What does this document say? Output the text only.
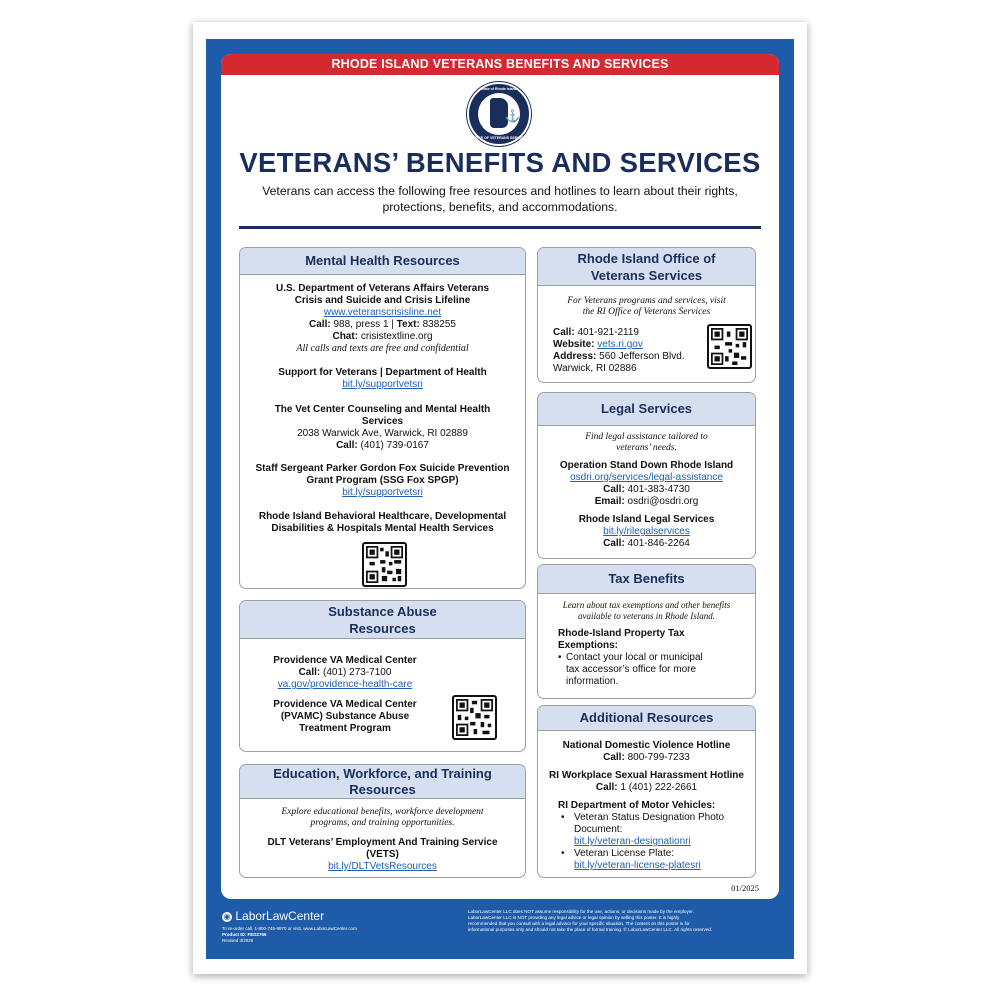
RHODE ISLAND VETERANS BENEFITS AND SERVICES
State of Rhode Island
⚓
OFFICE OF VETERANS SERVICES
VETERANS’ BENEFITS AND SERVICES
Veterans can access the following free resources and hotlines to learn about their rights,
protections, benefits, and accommodations.
Mental Health Resources
U.S. Department of Veterans Affairs Veterans
Crisis and Suicide and Crisis Lifeline
www.veteranscrisisline.net
Call: 988, press 1 | Text: 838255
Chat: crisistextline.org
All calls and texts are free and confidential
Support for Veterans | Department of Health
bit.ly/supportvetsri
The Vet Center Counseling and Mental Health
Services
2038 Warwick Ave, Warwick, RI 02889
Call: (401) 739-0167
Staff Sergeant Parker Gordon Fox Suicide Prevention
Grant Program (SSG Fox SPGP)
bit.ly/supportvetsri
Rhode Island Behavioral Healthcare, Developmental
Disabilities & Hospitals Mental Health Services
Substance Abuse
Resources
Providence VA Medical Center
Call: (401) 273-7100
va.gov/providence-health-care
Providence VA Medical Center
(PVAMC) Substance Abuse
Treatment Program
Education, Workforce, and Training
Resources
Explore educational benefits, workforce development
programs, and training opportunities.
DLT Veterans’ Employment And Training Service
(VETS)
bit.ly/DLTVetsResources
Rhode Island Office of
Veterans Services
For Veterans programs and services, visit
the RI Office of Veterans Services
Call: 401-921-2119
Website: vets.ri.gov
Address: 560 Jefferson Blvd.
Warwick, RI 02886
Legal Services
Find legal assistance tailored to
veterans’ needs.
Operation Stand Down Rhode Island
osdri.org/services/legal-assistance
Call: 401-383-4730
Email: osdri@osdri.org
Rhode Island Legal Services
bit.ly/rilegalservices
Call: 401-846-2264
Tax Benefits
Learn about tax exemptions and other benefits
available to veterans in Rhode Island.
Rhode-Island Property Tax
Exemptions:
• Contact your local or municipal
tax accessor’s office for more
information.
Additional Resources
National Domestic Violence Hotline
Call: 800-799-7233
RI Workplace Sexual Harassment Hotline
Call: 1 (401) 222-2661
RI Department of Motor Vehicles:
• Veteran Status Designation Photo
Document:
bit.ly/veteran-designationri
• Veteran License Plate:
bit.ly/veteran-license-platesri
01/2025
◉ LaborLawCenter
To re-order call, 1-800-745-9970 or visit, www.LaborLawCenter.com
Product ID: FED2766
Revised 3/2025
LaborLawCenter LLC does NOT assume responsibility for the use, actions, or decisions made by the employer.
LaborLawCenter LLC is NOT providing any legal advice or legal opinion by selling this poster. It is highly
recommended that you consult with a legal advisor for your specific situation. The content on this poster is for
informational purposes only and should not take the place of formal training. © LaborLawCenter LLC. All rights reserved.
